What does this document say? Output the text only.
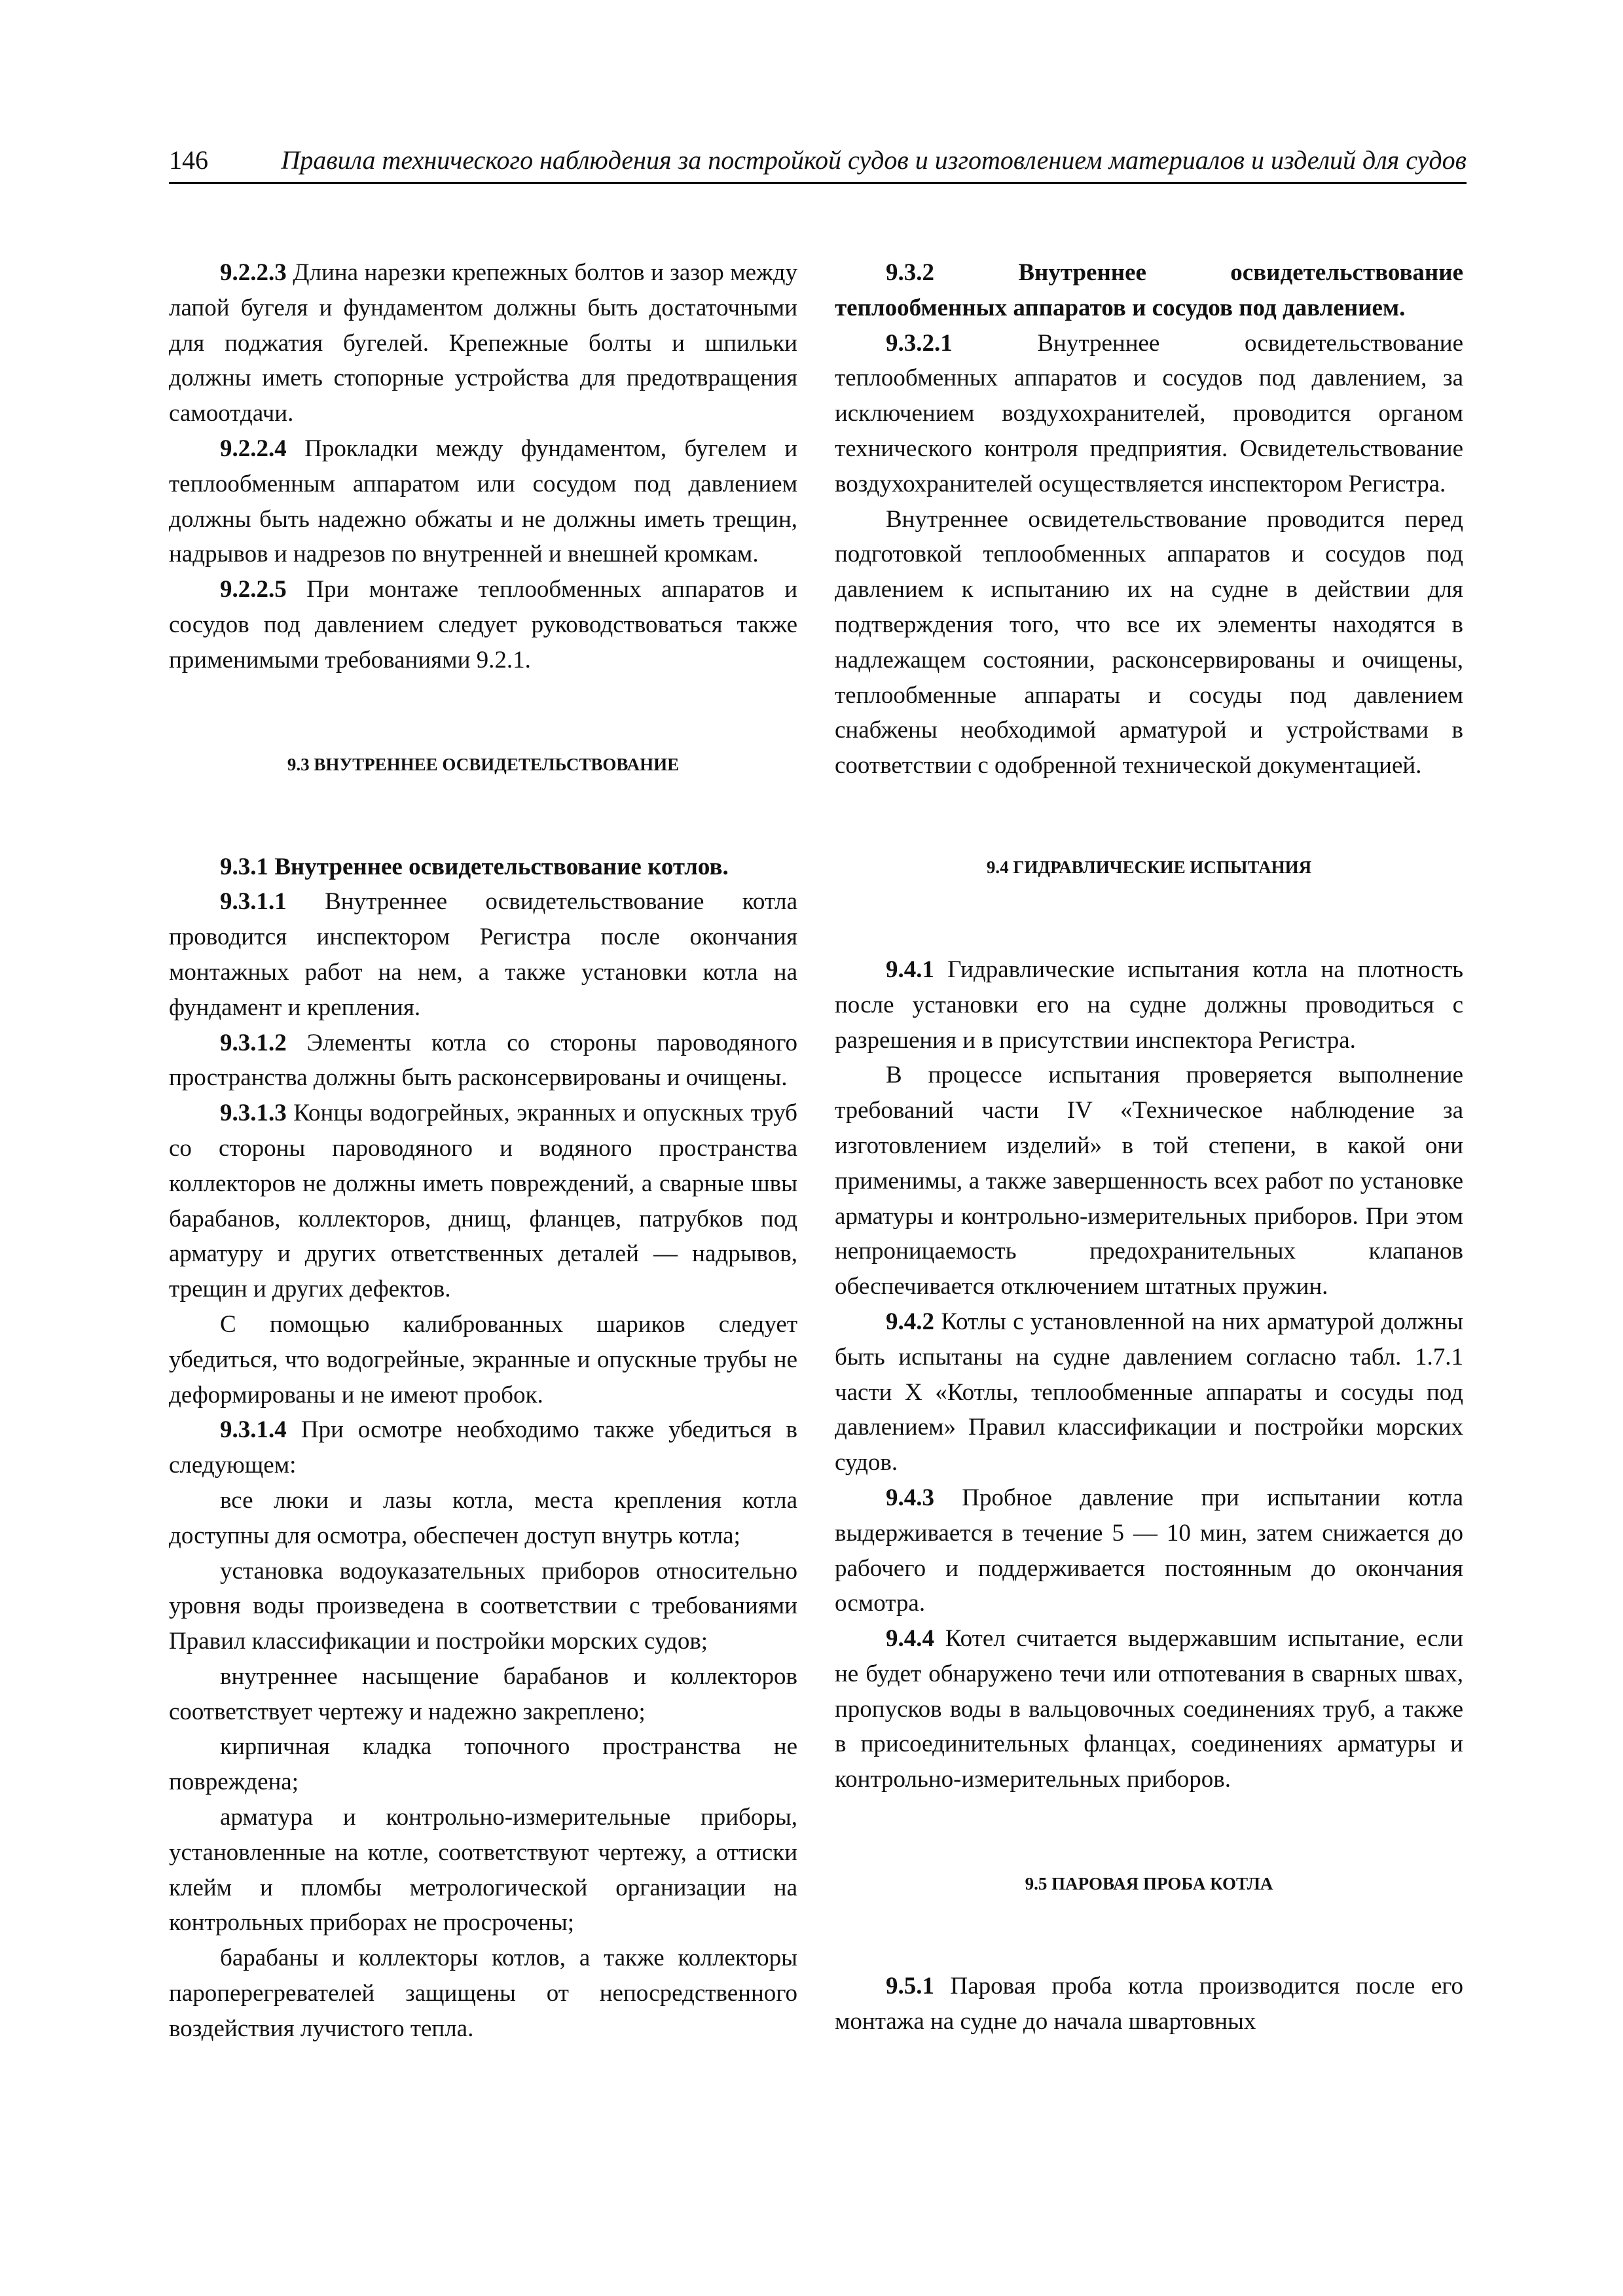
146	Правила технического наблюдения за постройкой судов и изготовлением материалов и изделий для судов

9.2.2.3 Длина нарезки крепежных болтов и зазор между лапой бугеля и фундаментом должны быть достаточными для поджатия бугелей. Крепежные болты и шпильки должны иметь стопорные устройства для предотвращения самоотдачи.

9.2.2.4 Прокладки между фундаментом, бугелем и теплообменным аппаратом или сосудом под давлением должны быть надежно обжаты и не должны иметь трещин, надрывов и надрезов по внутренней и внешней кромкам.

9.2.2.5 При монтаже теплообменных аппаратов и сосудов под давлением следует руководствоваться также применимыми требованиями 9.2.1.

9.3 ВНУТРЕННЕЕ ОСВИДЕТЕЛЬСТВОВАНИЕ

9.3.1 Внутреннее освидетельствование котлов.

9.3.1.1 Внутреннее освидетельствование котла проводится инспектором Регистра после окончания монтажных работ на нем, а также установки котла на фундамент и крепления.

9.3.1.2 Элементы котла со стороны пароводяного пространства должны быть расконсервированы и очищены.

9.3.1.3 Концы водогрейных, экранных и опускных труб со стороны пароводяного и водяного пространства коллекторов не должны иметь повреждений, а сварные швы барабанов, коллекторов, днищ, фланцев, патрубков под арматуру и других ответственных деталей — надрывов, трещин и других дефектов.

С помощью калиброванных шариков следует убедиться, что водогрейные, экранные и опускные трубы не деформированы и не имеют пробок.

9.3.1.4 При осмотре необходимо также убедиться в следующем:

все люки и лазы котла, места крепления котла доступны для осмотра, обеспечен доступ внутрь котла;

установка водоуказательных приборов относительно уровня воды произведена в соответствии с требованиями Правил классификации и постройки морских судов;

внутреннее насыщение барабанов и коллекторов соответствует чертежу и надежно закреплено;

кирпичная кладка топочного пространства не повреждена;

арматура и контрольно-измерительные приборы, установленные на котле, соответствуют чертежу, а оттиски клейм и пломбы метрологической организации на контрольных приборах не просрочены;

барабаны и коллекторы котлов, а также коллекторы пароперегревателей защищены от непосредственного воздействия лучистого тепла.

9.3.2 Внутреннее освидетельствование теплообменных аппаратов и сосудов под давлением.

9.3.2.1 Внутреннее освидетельствование теплообменных аппаратов и сосудов под давлением, за исключением воздухохранителей, проводится органом технического контроля предприятия. Освидетельствование воздухохранителей осуществляется инспектором Регистра.

Внутреннее освидетельствование проводится перед подготовкой теплообменных аппаратов и сосудов под давлением к испытанию их на судне в действии для подтверждения того, что все их элементы находятся в надлежащем состоянии, расконсервированы и очищены, теплообменные аппараты и сосуды под давлением снабжены необходимой арматурой и устройствами в соответствии с одобренной технической документацией.

9.4 ГИДРАВЛИЧЕСКИЕ ИСПЫТАНИЯ

9.4.1 Гидравлические испытания котла на плотность после установки его на судне должны проводиться с разрешения и в присутствии инспектора Регистра.

В процессе испытания проверяется выполнение требований части IV «Техническое наблюдение за изготовлением изделий» в той степени, в какой они применимы, а также завершенность всех работ по установке арматуры и контрольно-измерительных приборов. При этом непроницаемость предохранительных клапанов обеспечивается отключением штатных пружин.

9.4.2 Котлы с установленной на них арматурой должны быть испытаны на судне давлением согласно табл. 1.7.1 части X «Котлы, теплообменные аппараты и сосуды под давлением» Правил классификации и постройки морских судов.

9.4.3 Пробное давление при испытании котла выдерживается в течение 5 — 10 мин, затем снижается до рабочего и поддерживается постоянным до окончания осмотра.

9.4.4 Котел считается выдержавшим испытание, если не будет обнаружено течи или отпотевания в сварных швах, пропусков воды в вальцовочных соединениях труб, а также в присоединительных фланцах, соединениях арматуры и контрольно-измерительных приборов.

9.5 ПАРОВАЯ ПРОБА КОТЛА

9.5.1 Паровая проба котла производится после его монтажа на судне до начала швартовных
